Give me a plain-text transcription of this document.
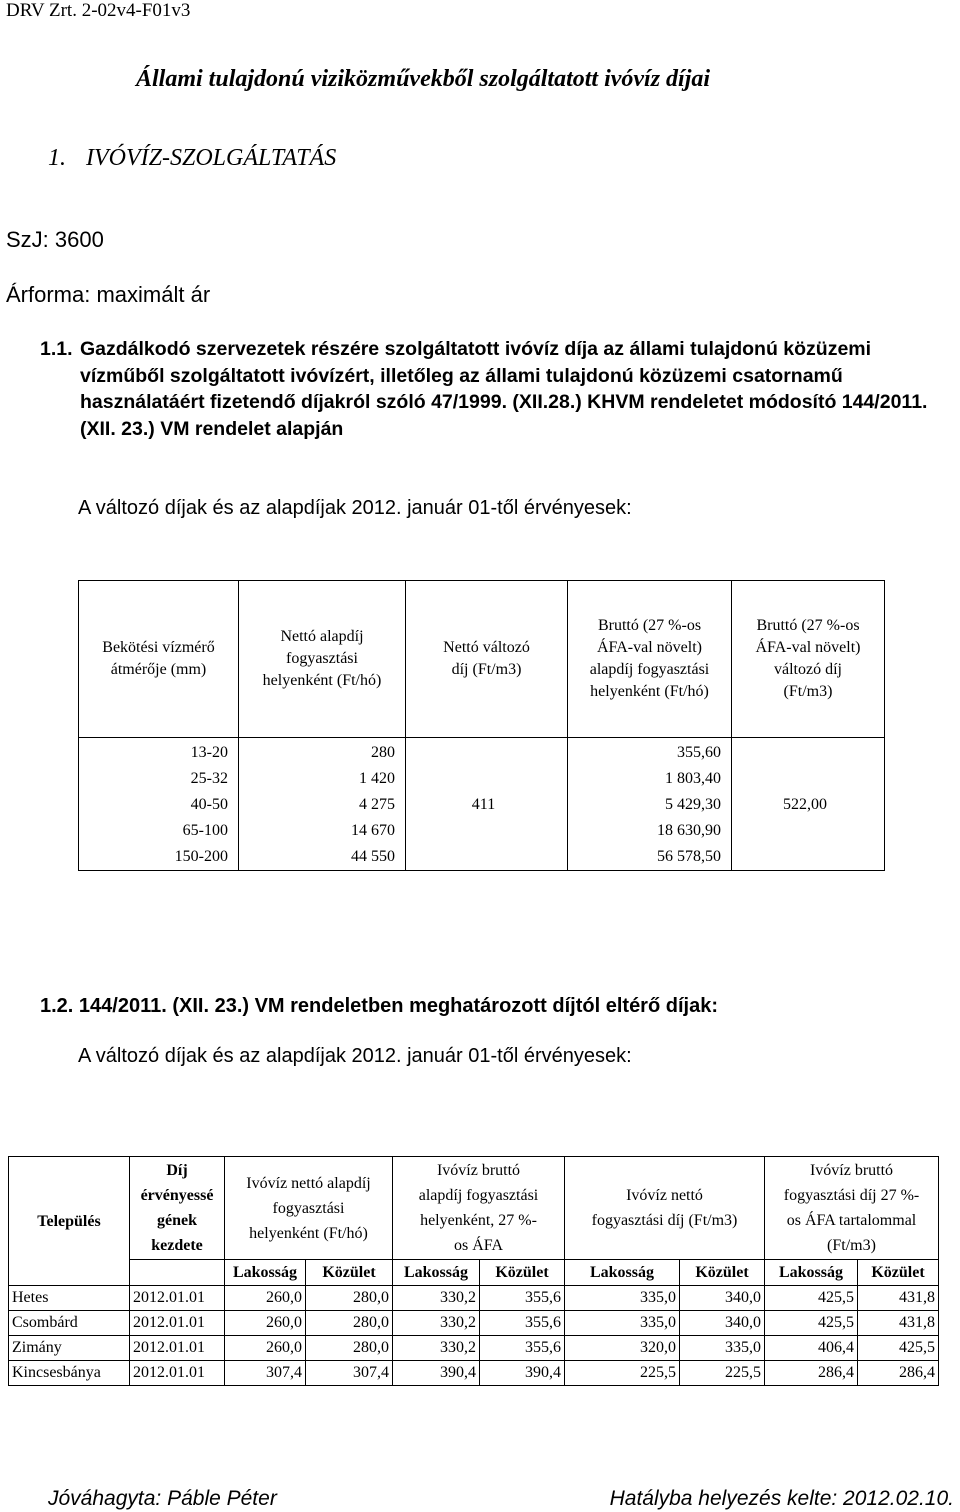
DRV Zrt. 2-02v4-F01v3
Állami tulajdonú viziközművekből szolgáltatott ivóvíz díjai
1. IVÓVÍZ-SZOLGÁLTATÁS
SzJ: 3600
Árforma: maximált ár
1.1. Gazdálkodó szervezetek részére szolgáltatott ivóvíz díja az állami tulajdonú közüzemi vízműből szolgáltatott ivóvízért, illetőleg az állami tulajdonú közüzemi csatornamű használatáért fizetendő díjakról szóló 47/1999. (XII.28.) KHVM rendeletet módosító 144/2011. (XII. 23.) VM rendelet alapján
A változó díjak és az alapdíjak 2012. január 01-től érvényesek:
Bekötési vízmérő
átmérője (mm)	Nettó alapdíj
fogyasztási
helyenként (Ft/hó)	Nettó változó
díj (Ft/m3)	Bruttó (27 %-os
ÁFA-val növelt)
alapdíj fogyasztási
helyenként (Ft/hó)	Bruttó (27 %-os
ÁFA-val növelt)
változó díj
(Ft/m3)
13-20	280	411	355,60	522,00
25-32	1 420		1 803,40	
40-50	4 275		5 429,30	
65-100	14 670		18 630,90	
150-200	44 550		56 578,50	
1.2. 144/2011. (XII. 23.) VM rendeletben meghatározott díjtól eltérő díjak:
A változó díjak és az alapdíjak 2012. január 01-től érvényesek:
Település	Díj
érvényessé
gének
kezdete	Ivóvíz nettó alapdíj
fogyasztási
helyenként (Ft/hó)		Ivóvíz bruttó
alapdíj fogyasztási
helyenként, 27 %-
os ÁFA		Ivóvíz nettó
fogyasztási díj (Ft/m3)		Ivóvíz bruttó
fogyasztási díj 27 %-
os ÁFA tartalommal
(Ft/m3)	
		Lakosság	Közület	Lakosság	Közület	Lakosság	Közület	Lakosság	Közület
Hetes	2012.01.01	260,0	280,0	330,2	355,6	335,0	340,0	425,5	431,8
Csombárd	2012.01.01	260,0	280,0	330,2	355,6	335,0	340,0	425,5	431,8
Zimány	2012.01.01	260,0	280,0	330,2	355,6	320,0	335,0	406,4	425,5
Kincsesbánya	2012.01.01	307,4	307,4	390,4	390,4	225,5	225,5	286,4	286,4
Jóváhagyta: Páble Péter	Hatályba helyezés kelte: 2012.02.10.
